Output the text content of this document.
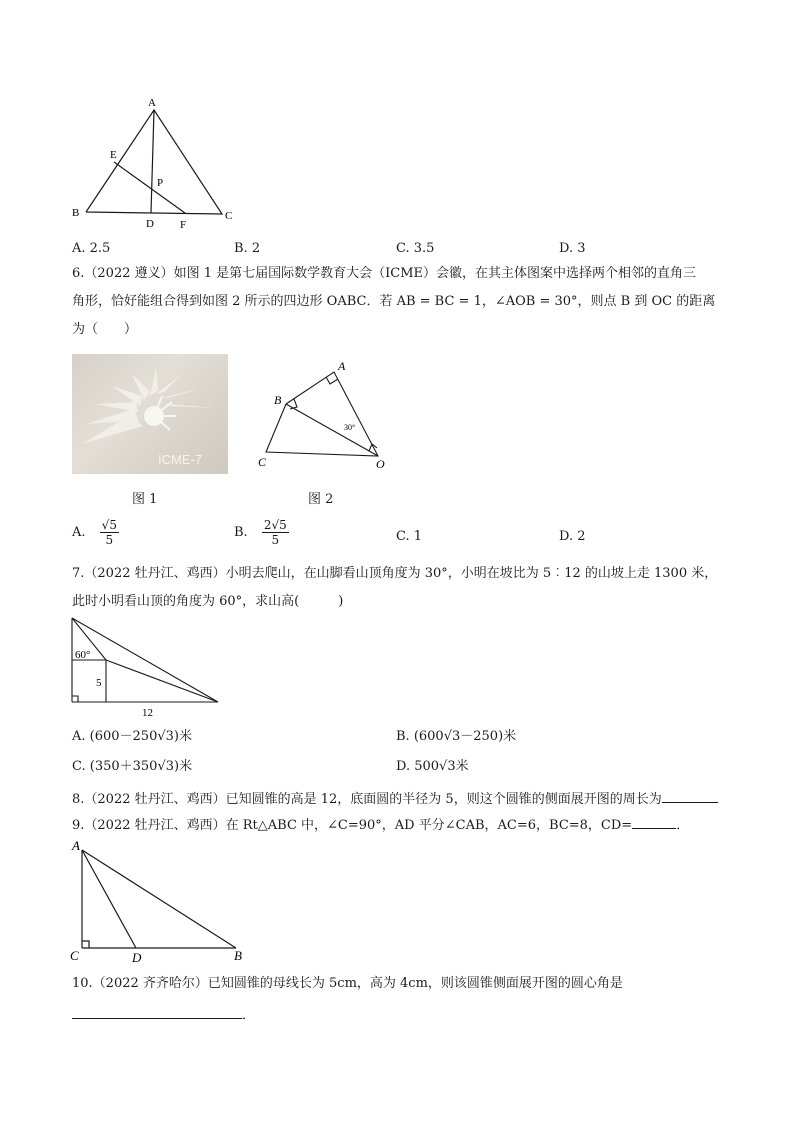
A
B	C
D
E
F
P
A. 2.5	B. 2	C. 3.5	D. 3
6.（2022 遵义）如图 1 是第七届国际数学教育大会（ICME）会徽，在其主体图案中选择两个相邻的直角三
角形，恰好能组合得到如图 2 所示的四边形 OABC．若 AB = BC = 1，∠AOB = 30°，则点 B 到 OC 的距离
为（　　）
ICME-7
A
B
C	O
30°
图 1	图 2
A. $\frac{√5}{5}$	B. $\frac{2√5}{5}$	C. 1	D. 2
7.（2022 牡丹江、鸡西）小明去爬山，在山脚看山顶角度为 30°，小明在坡比为 5︰12 的山坡上走 1300 米，
此时小明看山顶的角度为 60°，求山高(　　　)
60°
5
12
A. (600－250√3)米	B. (600√3－250)米
C. (350＋350√3)米	D. 500√3米
8.（2022 牡丹江、鸡西）已知圆锥的高是 12，底面圆的半径为 5，则这个圆锥的侧面展开图的周长为
9.（2022 牡丹江、鸡西）在 Rt△ABC 中，∠C=90°，AD 平分∠CAB，AC=6，BC=8，CD=	．
A
C	D	B
10.（2022 齐齐哈尔）已知圆锥的母线长为 5cm，高为 4cm，则该圆锥侧面展开图的圆心角是
．
